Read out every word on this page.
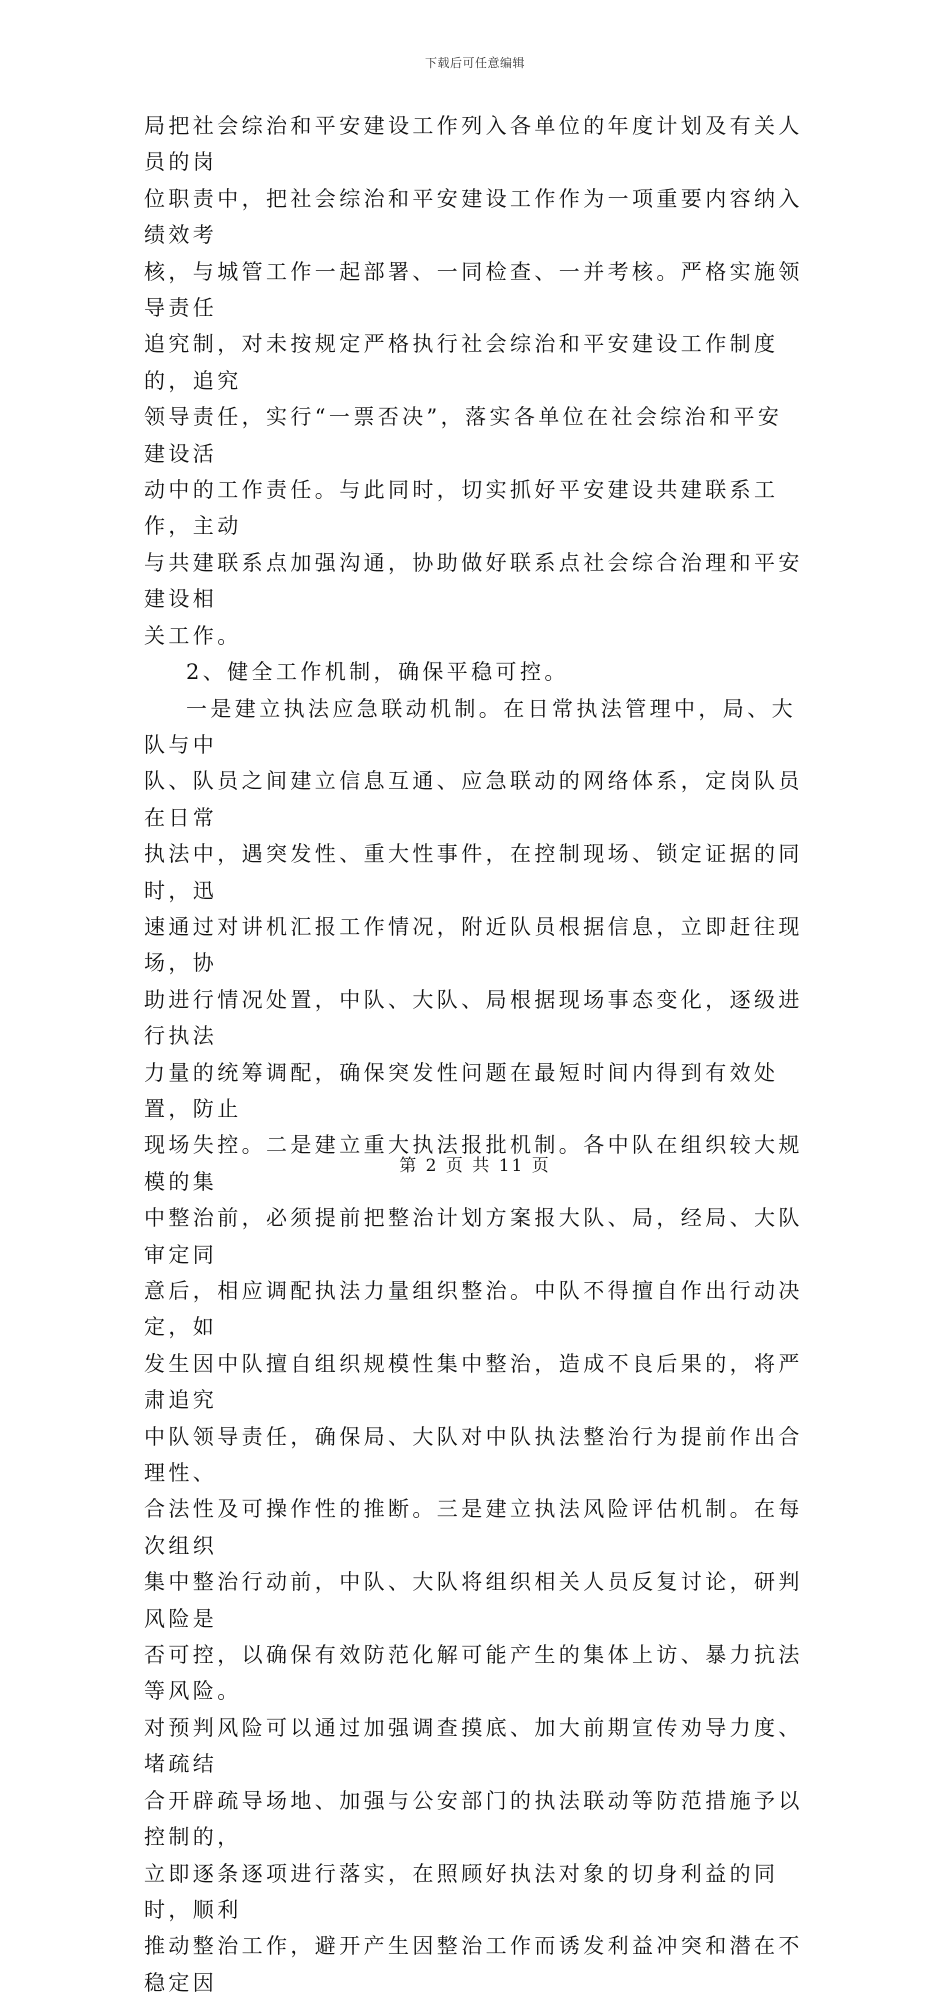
下载后可任意编辑

局把社会综治和平安建设工作列入各单位的年度计划及有关人员的岗

位职责中，把社会综治和平安建设工作作为一项重要内容纳入绩效考

核，与城管工作一起部署、一同检查、一并考核。严格实施领导责任

追究制，对未按规定严格执行社会综治和平安建设工作制度的，追究

领导责任，实行“一票否决”，落实各单位在社会综治和平安建设活

动中的工作责任。与此同时，切实抓好平安建设共建联系工作，主动

与共建联系点加强沟通，协助做好联系点社会综合治理和平安建设相

关工作。

2、健全工作机制，确保平稳可控。

一是建立执法应急联动机制。在日常执法管理中，局、大队与中

队、队员之间建立信息互通、应急联动的网络体系，定岗队员在日常

执法中，遇突发性、重大性事件，在控制现场、锁定证据的同时，迅

速通过对讲机汇报工作情况，附近队员根据信息，立即赶往现场，协

助进行情况处置，中队、大队、局根据现场事态变化，逐级进行执法

力量的统筹调配，确保突发性问题在最短时间内得到有效处置，防止

现场失控。二是建立重大执法报批机制。各中队在组织较大规模的集

中整治前，必须提前把整治计划方案报大队、局，经局、大队审定同

意后，相应调配执法力量组织整治。中队不得擅自作出行动决定，如

发生因中队擅自组织规模性集中整治，造成不良后果的，将严肃追究

中队领导责任，确保局、大队对中队执法整治行为提前作出合理性、

合法性及可操作性的推断。三是建立执法风险评估机制。在每次组织

集中整治行动前，中队、大队将组织相关人员反复讨论，研判风险是

否可控，以确保有效防范化解可能产生的集体上访、暴力抗法等风险。

对预判风险可以通过加强调查摸底、加大前期宣传劝导力度、堵疏结

合开辟疏导场地、加强与公安部门的执法联动等防范措施予以控制的，

立即逐条逐项进行落实，在照顾好执法对象的切身利益的同时，顺利

推动整治工作，避开产生因整治工作而诱发利益冲突和潜在不稳定因

第 2 页 共 11 页
